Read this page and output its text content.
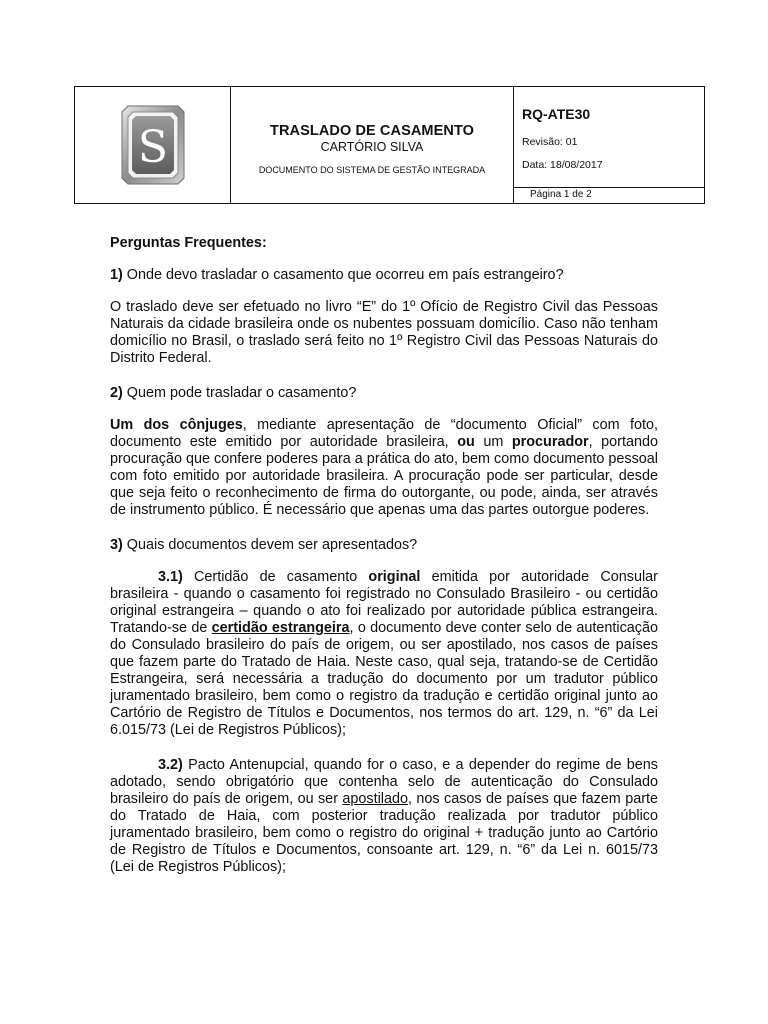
S	TRASLADO DE CASAMENTO
CARTÓRIO SILVA
DOCUMENTO DO SISTEMA DE GESTÃO INTEGRADA
RQ-ATE30
Revisão: 01
Data: 18/08/2017
Página 1 de 2

Perguntas Frequentes:

1) Onde devo trasladar o casamento que ocorreu em país estrangeiro?

O traslado deve ser efetuado no livro “E” do 1º Ofício de Registro Civil das Pessoas Naturais da cidade brasileira onde os nubentes possuam domicílio. Caso não tenham domicílio no Brasil, o traslado será feito no 1º Registro Civil das Pessoas Naturais do Distrito Federal.

2) Quem pode trasladar o casamento?

Um dos cônjuges, mediante apresentação de “documento Oficial” com foto, documento este emitido por autoridade brasileira, ou um procurador, portando procuração que confere poderes para a prática do ato, bem como documento pessoal com foto emitido por autoridade brasileira. A procuração pode ser particular, desde que seja feito o reconhecimento de firma do outorgante, ou pode, ainda, ser através de instrumento público. É necessário que apenas uma das partes outorgue poderes.

3) Quais documentos devem ser apresentados?

3.1) Certidão de casamento original emitida por autoridade Consular brasileira - quando o casamento foi registrado no Consulado Brasileiro - ou certidão original estrangeira – quando o ato foi realizado por autoridade pública estrangeira. Tratando-se de certidão estrangeira, o documento deve conter selo de autenticação do Consulado brasileiro do país de origem, ou ser apostilado, nos casos de países que fazem parte do Tratado de Haia. Neste caso, qual seja, tratando-se de Certidão Estrangeira, será necessária a tradução do documento por um tradutor público juramentado brasileiro, bem como o registro da tradução e certidão original junto ao Cartório de Registro de Títulos e Documentos, nos termos do art. 129, n. “6” da Lei 6.015/73 (Lei de Registros Públicos);

3.2) Pacto Antenupcial, quando for o caso, e a depender do regime de bens adotado, sendo obrigatório que contenha selo de autenticação do Consulado brasileiro do país de origem, ou ser apostilado, nos casos de países que fazem parte do Tratado de Haia, com posterior tradução realizada por tradutor público juramentado brasileiro, bem como o registro do original + tradução junto ao Cartório de Registro de Títulos e Documentos, consoante art. 129, n. “6” da Lei n. 6015/73 (Lei de Registros Públicos);
